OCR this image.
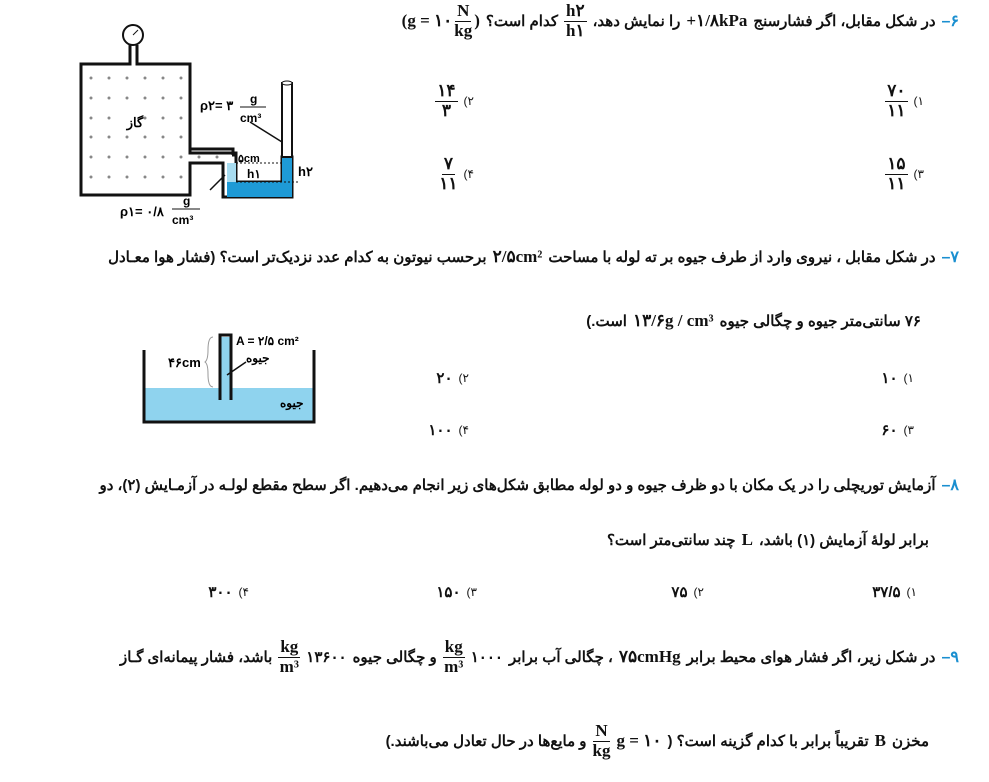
۶–
در شکل مقابل، اگر فشارسنج
+۱/۸kPa
را نمایش دهد،
$\frac{h۲}{h۱}$
کدام است؟
(g = ۱۰ $\frac{N}{kg}$ )
گاز
۵cm
h۱	h۲
ρ۲= ۳ g
cm³
ρ۱= ۰/۸
g
cm³
۱)
$\frac{۷۰}{۱۱}$
۲)
$\frac{۱۴}{۳}$
۳)
$\frac{۱۵}{۱۱}$
۴)
$\frac{۷}{۱۱}$
۷–
در شکل مقابل ، نیروی وارد از طرف جیوه بر ته لوله با مساحت
۲/۵cm²
برحسب نیوتون به کدام عدد نزدیک‌تر است؟ (فشار هوا معـادل
۷۶ سانتی‌متر جیوه و چگالی جیوه
۱۳/۶g / cm³
است.)
۴۶cm
A = ۲/۵ cm²
جیوه
جیوه
۱)
۱۰
۲)
۲۰
۳)
۶۰
۴)
۱۰۰
۸–
آزمایش توریچلی را در یک مکان با دو ظرف جیوه و دو لوله مطابق شکل‌های زیر انجام می‌دهیم. اگر سطح مقطع لولـه در آزمـایش (۲)، دو
برابر لولهٔ آزمایش (۱) باشد،
L
چند سانتی‌متر است؟
۱)
۳۷/۵
۲)
۷۵
۳)
۱۵۰
۴)
۳۰۰
۹–
در شکل زیر، اگر فشار هوای محیط برابر
۷۵cmHg
، چگالی آب برابر
۱۰۰۰
$\frac{kg}{\text{m³}}$
و چگالی جیوه
۱۳۶۰۰
$\frac{kg}{\text{m³}}$
باشد، فشار پیمانه‌ای گـاز
مخزن
B
تقریباً برابر با کدام گزینه است؟ (
g = ۱۰
$\frac{N}{kg}$
و مایع‌ها در حال تعادل می‌باشند.)
